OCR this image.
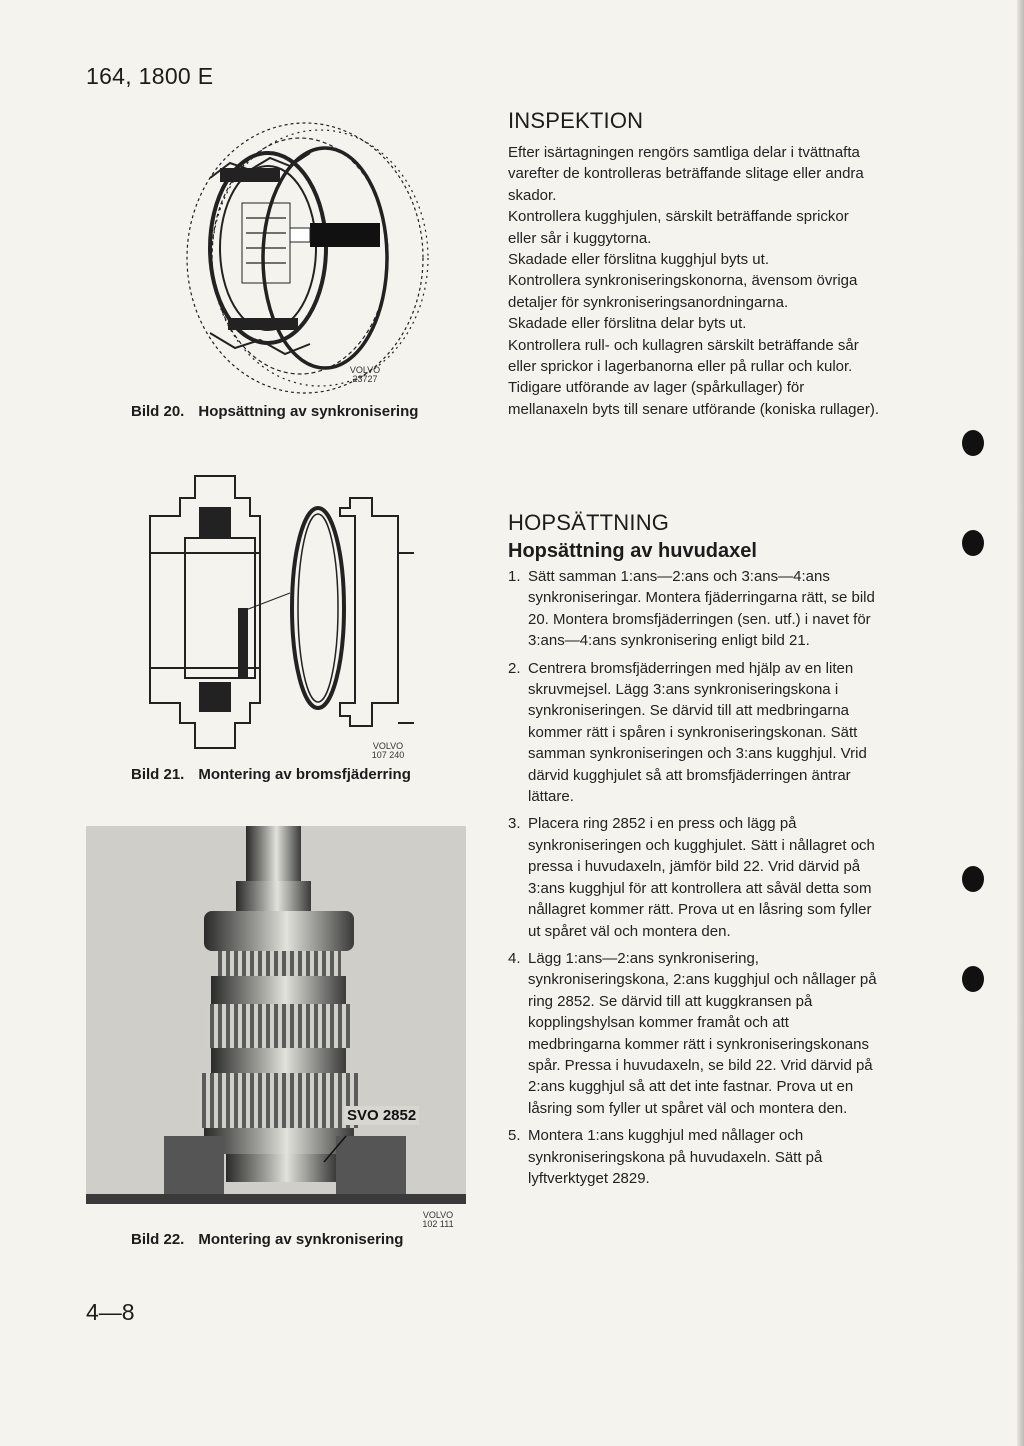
164, 1800 E
VOLVO
23727
Bild 20. Hopsättning av synkronisering
VOLVO
107 240
Bild 21. Montering av bromsfjäderring
SVO 2852
VOLVO
102 111
Bild 22. Montering av synkronisering
INSPEKTION

Efter isärtagningen rengörs samtliga delar i tvättnafta varefter de kontrolleras beträffande slitage eller andra skador.

Kontrollera kugghjulen, särskilt beträffande sprickor eller sår i kuggytorna.

Skadade eller förslitna kugghjul byts ut.

Kontrollera synkroniseringskonorna, ävensom övriga detaljer för synkroniseringsanordningarna.

Skadade eller förslitna delar byts ut.

Kontrollera rull- och kullagren särskilt beträffande sår eller sprickor i lagerbanorna eller på rullar och kulor. Tidigare utförande av lager (spårkullager) för mellanaxeln byts till senare utförande (koniska rullager).

HOPSÄTTNING
Hopsättning av huvudaxel
1. Sätt samman 1:ans—2:ans och 3:ans—4:ans synkroniseringar. Montera fjäderringarna rätt, se bild 20. Montera bromsfjäderringen (sen. utf.) i navet för 3:ans—4:ans synkronisering enligt bild 21.
2. Centrera bromsfjäderringen med hjälp av en liten skruvmejsel. Lägg 3:ans synkroniseringskona i synkroniseringen. Se därvid till att medbringarna kommer rätt i spåren i synkroniseringskonan. Sätt samman synkroniseringen och 3:ans kugghjul. Vrid därvid kugghjulet så att bromsfjäderringen äntrar lättare.
3. Placera ring 2852 i en press och lägg på synkroniseringen och kugghjulet. Sätt i nållagret och pressa i huvudaxeln, jämför bild 22. Vrid därvid på 3:ans kugghjul för att kontrollera att såväl detta som nållagret kommer rätt. Prova ut en låsring som fyller ut spåret väl och montera den.
4. Lägg 1:ans—2:ans synkronisering, synkroniseringskona, 2:ans kugghjul och nållager på ring 2852. Se därvid till att kuggkransen på kopplingshylsan kommer framåt och att medbringarna kommer rätt i synkroniseringskonans spår. Pressa i huvudaxeln, se bild 22. Vrid därvid på 2:ans kugghjul så att det inte fastnar. Prova ut en låsring som fyller ut spåret väl och montera den.
5. Montera 1:ans kugghjul med nållager och synkroniseringskona på huvudaxeln. Sätt på lyftverktyget 2829.
4—8
